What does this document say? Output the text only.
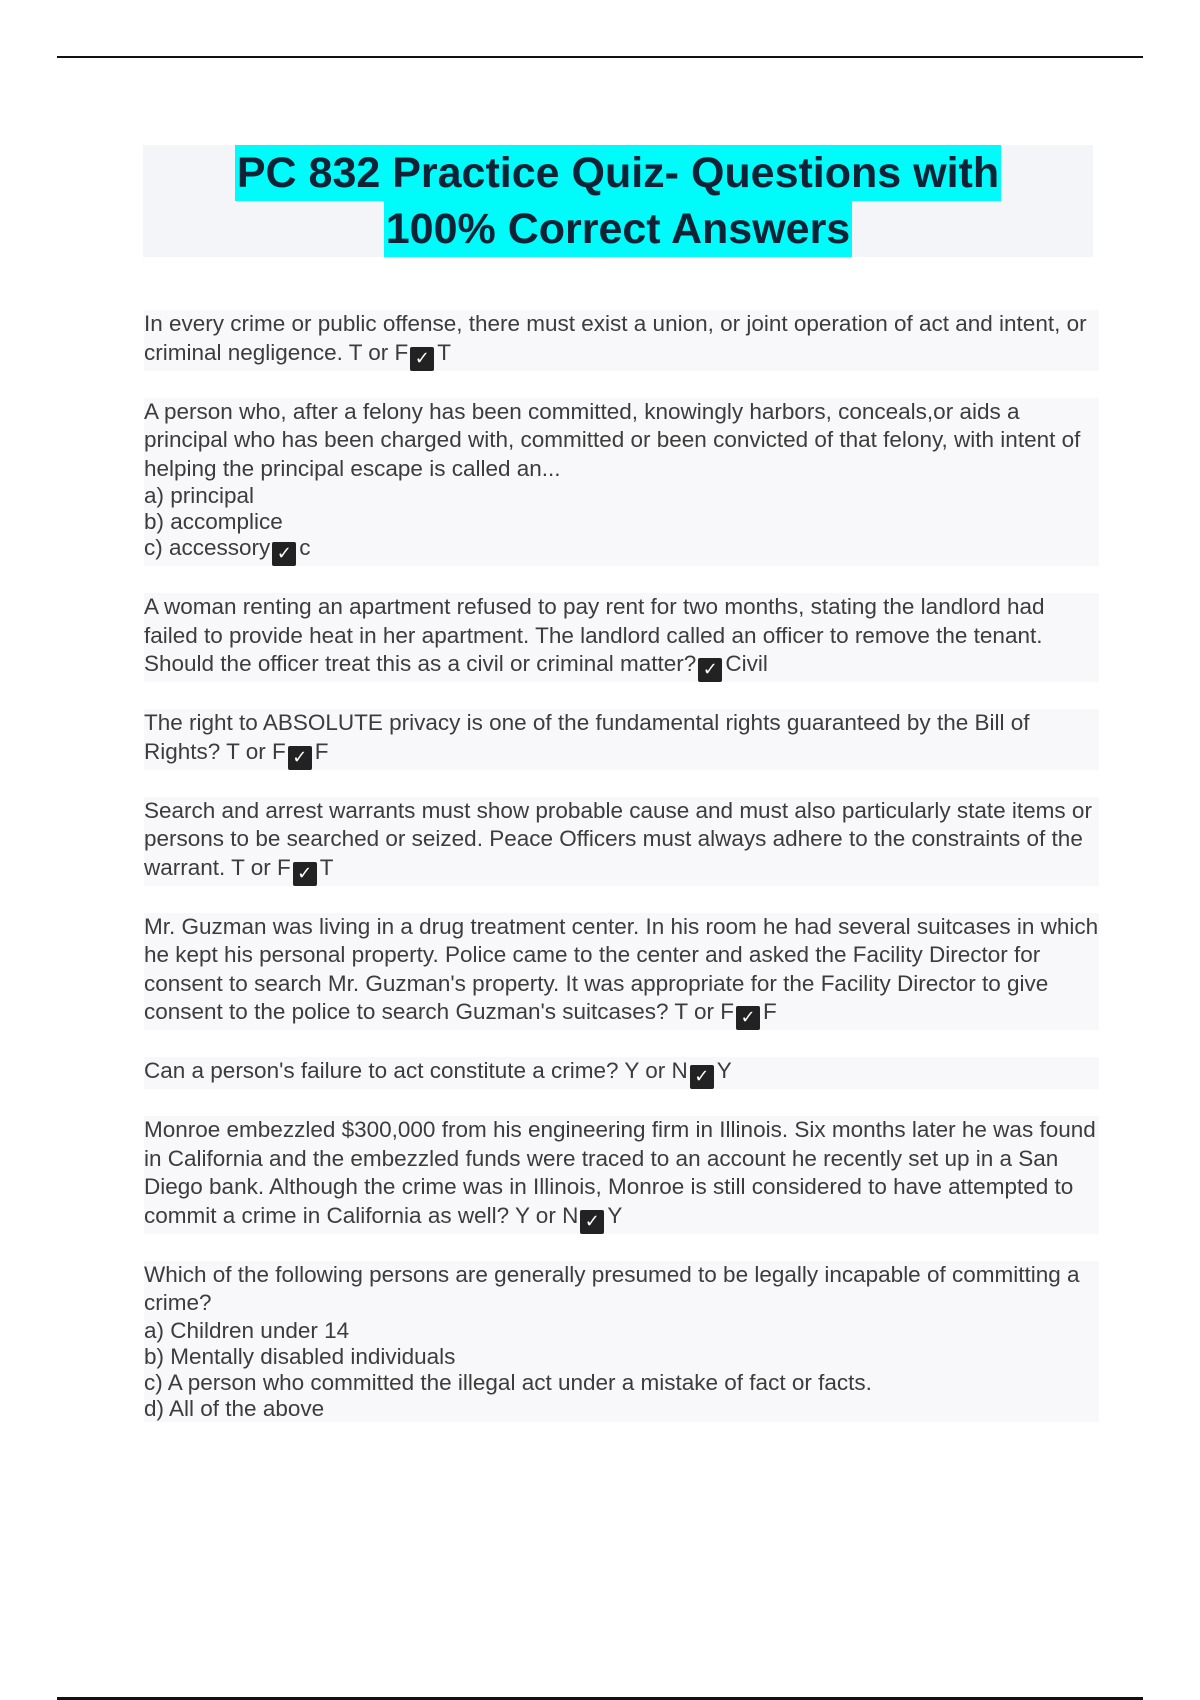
PC 832 Practice Quiz- Questions with
100% Correct Answers

In every crime or public offense, there must exist a union, or joint operation of act and intent, or criminal negligence. T or F ✓ T

A person who, after a felony has been committed, knowingly harbors, conceals,or aids a principal who has been charged with, committed or been convicted of that felony, with intent of helping the principal escape is called an...
a) principal
b) accomplice
c) accessory ✓ c

A woman renting an apartment refused to pay rent for two months, stating the landlord had failed to provide heat in her apartment. The landlord called an officer to remove the tenant. Should the officer treat this as a civil or criminal matter? ✓ Civil

The right to ABSOLUTE privacy is one of the fundamental rights guaranteed by the Bill of Rights? T or F ✓ F

Search and arrest warrants must show probable cause and must also particularly state items or persons to be searched or seized. Peace Officers must always adhere to the constraints of the warrant. T or F ✓ T

Mr. Guzman was living in a drug treatment center. In his room he had several suitcases in which he kept his personal property. Police came to the center and asked the Facility Director for consent to search Mr. Guzman's property. It was appropriate for the Facility Director to give consent to the police to search Guzman's suitcases? T or F ✓ F

Can a person's failure to act constitute a crime? Y or N ✓ Y

Monroe embezzled $300,000 from his engineering firm in Illinois. Six months later he was found in California and the embezzled funds were traced to an account he recently set up in a San Diego bank. Although the crime was in Illinois, Monroe is still considered to have attempted to commit a crime in California as well? Y or N ✓ Y

Which of the following persons are generally presumed to be legally incapable of committing a crime?
a) Children under 14
b) Mentally disabled individuals
c) A person who committed the illegal act under a mistake of fact or facts.
d) All of the above
